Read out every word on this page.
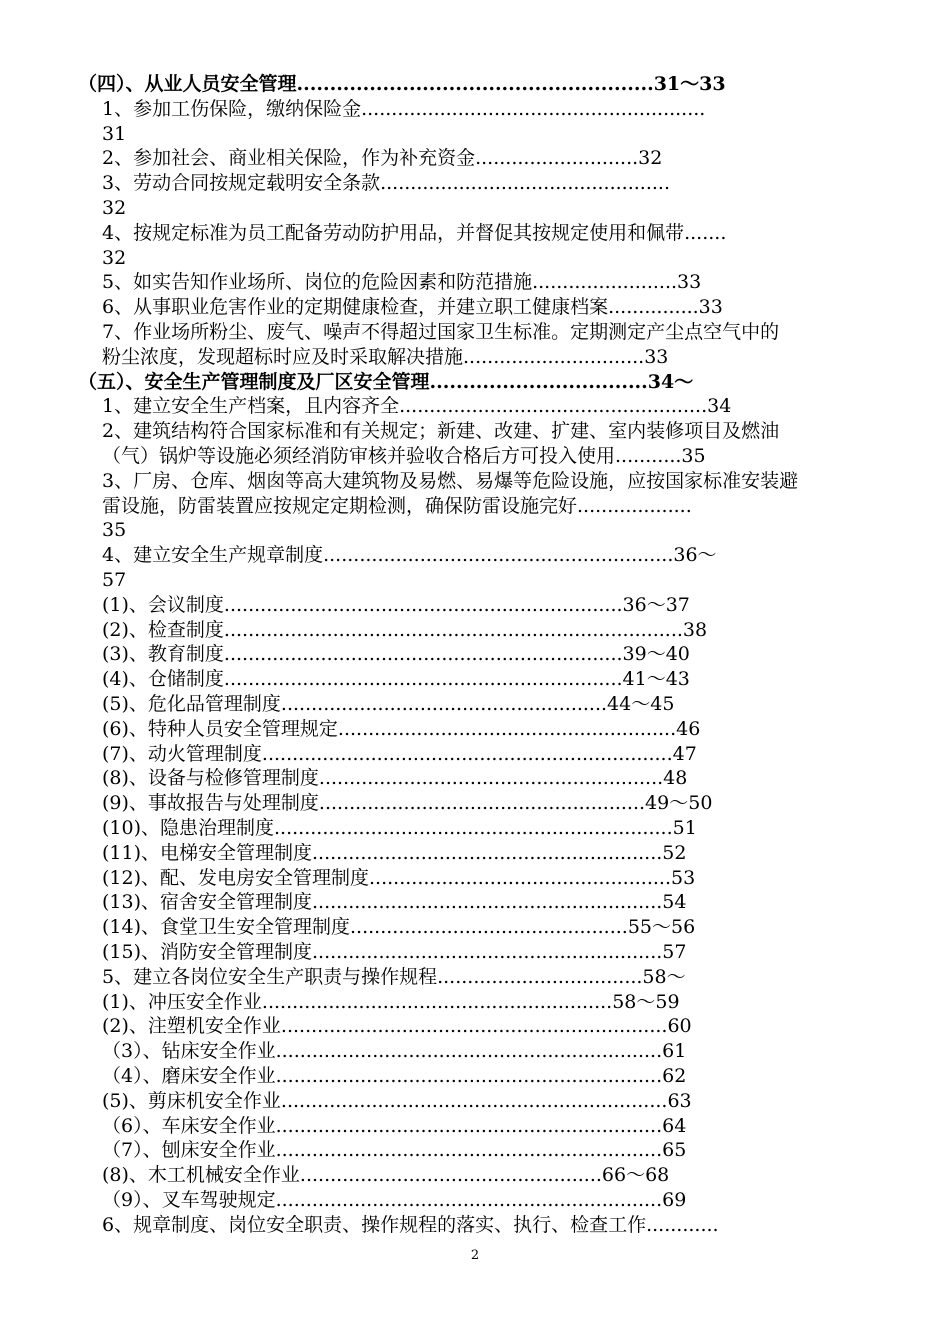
（四）、从业人员安全管理......................................................31～33
1、参加工伤保险，缴纳保险金.........................................................
31
2、参加社会、商业相关保险，作为补充资金...........................32
3、劳动合同按规定载明安全条款................................................
32
4、按规定标准为员工配备劳动防护用品，并督促其按规定使用和佩带.......
32
5、如实告知作业场所、岗位的危险因素和防范措施........................33
6、从事职业危害作业的定期健康检查，并建立职工健康档案...............33
7、作业场所粉尘、废气、噪声不得超过国家卫生标准。定期测定产尘点空气中的
粉尘浓度，发现超标时应及时采取解决措施..............................33
（五）、安全生产管理制度及厂区安全管理.................................34～
1、建立安全生产档案，且内容齐全...................................................34
2、建筑结构符合国家标准和有关规定；新建、改建、扩建、室内装修项目及燃油
（气）锅炉等设施必须经消防审核并验收合格后方可投入使用...........35
3、厂房、仓库、烟囱等高大建筑物及易燃、易爆等危险设施，应按国家标准安装避
雷设施，防雷装置应按规定定期检测，确保防雷设施完好...................
35
4、建立安全生产规章制度..........................................................36～
57
(1)、会议制度..................................................................36～37
(2)、检查制度............................................................................38
(3)、教育制度..................................................................39～40
(4)、仓储制度..................................................................41～43
(5)、危化品管理制度......................................................44～45
(6)、特种人员安全管理规定........................................................46
(7)、动火管理制度....................................................................47
(8)、设备与检修管理制度.........................................................48
(9)、事故报告与处理制度......................................................49～50
(10)、隐患治理制度..................................................................51
(11)、电梯安全管理制度..........................................................52
(12)、配、发电房安全管理制度..................................................53
(13)、宿舍安全管理制度..........................................................54
(14)、食堂卫生安全管理制度..............................................55～56
(15)、消防安全管理制度..........................................................57
5、建立各岗位安全生产职责与操作规程..................................58～
(1)、冲压安全作业..........................................................58～59
(2)、注塑机安全作业................................................................60
（3）、钻床安全作业................................................................61
（4）、磨床安全作业................................................................62
(5)、剪床机安全作业................................................................63
（6）、车床安全作业................................................................64
（7）、刨床安全作业................................................................65
(8)、木工机械安全作业..................................................66～68
（9）、叉车驾驶规定................................................................69
6、规章制度、岗位安全职责、操作规程的落实、执行、检查工作............
2
